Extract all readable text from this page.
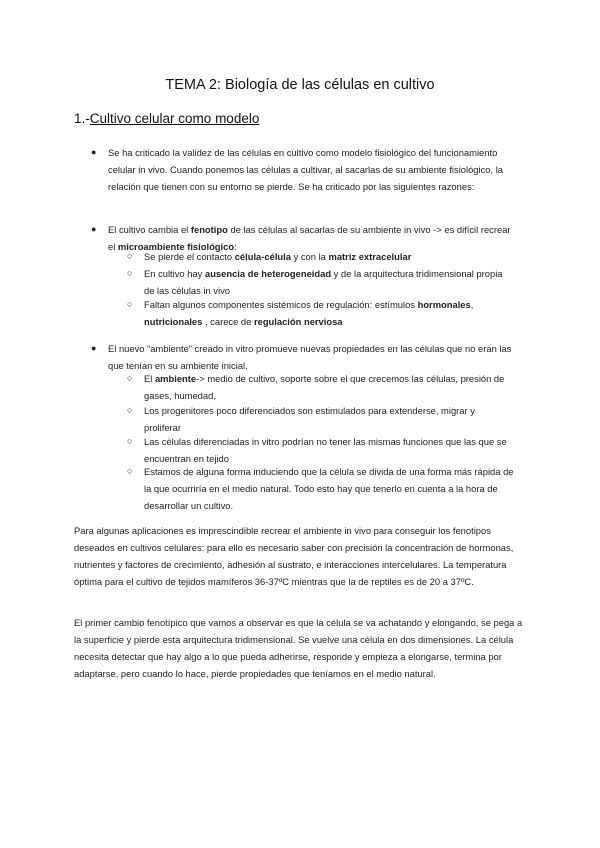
TEMA 2: Biología de las células en cultivo
1.-Cultivo celular como modelo
● Se ha criticado la validez de las células en cultivo como modelo fisiológico del funcionamiento celular in vivo. Cuando ponemos las células a cultivar, al sacarlas de su ambiente fisiológico, la relación que tienen con su entorno se pierde. Se ha criticado por las siguientes razones:
● El cultivo cambia el fenotipo de las células al sacarlas de su ambiente in vivo -> es difícil recrear el microambiente fisiológico:
○ Se pierde el contacto célula-célula y con la matriz extracelular
○ En cultivo hay ausencia de heterogeneidad y de la arquitectura tridimensional propia de las células in vivo
○ Faltan algunos componentes sistémicos de regulación: estímulos hormonales, nutricionales , carece de regulación nerviosa
● El nuevo “ambiente” creado in vitro promueve nuevas propiedades en las células que no eran las que tenían en su ambiente inicial.
○ El ambiente-> medio de cultivo, soporte sobre el que crecemos las células, presión de gases, humedad,
○ Los progenitores poco diferenciados son estimulados para extenderse, migrar y proliferar
○ Las células diferenciadas in vitro podrían no tener las mismas funciones que las que se encuentran en tejido
○ Estamos de alguna forma induciendo que la célula se divida de una forma más rápida de la que ocurriría en el medio natural. Todo esto hay que tenerlo en cuenta a la hora de desarrollar un cultivo.
Para algunas aplicaciones es imprescindible recrear el ambiente in vivo para conseguir los fenotipos deseados en cultivos celulares: para ello es necesario saber con precisión la concentración de hormonas, nutrientes y factores de crecimiento, adhesión al sustrato, e interacciones intercelulares. La temperatura óptima para el cultivo de tejidos mamíferos 36-37ºC mientras que la de reptiles es de 20 a 37ºC.
El primer cambio fenotípico que vamos a observar es que la célula se va achatando y elongando, se pega a la superficie y pierde esta arquitectura tridimensional. Se vuelve una célula en dos dimensiones. La célula necesita detectar que hay algo a lo que pueda adherirse, responde y empieza a elongarse, termina por adaptarse, pero cuando lo hace, pierde propiedades que teníamos en el medio natural.
